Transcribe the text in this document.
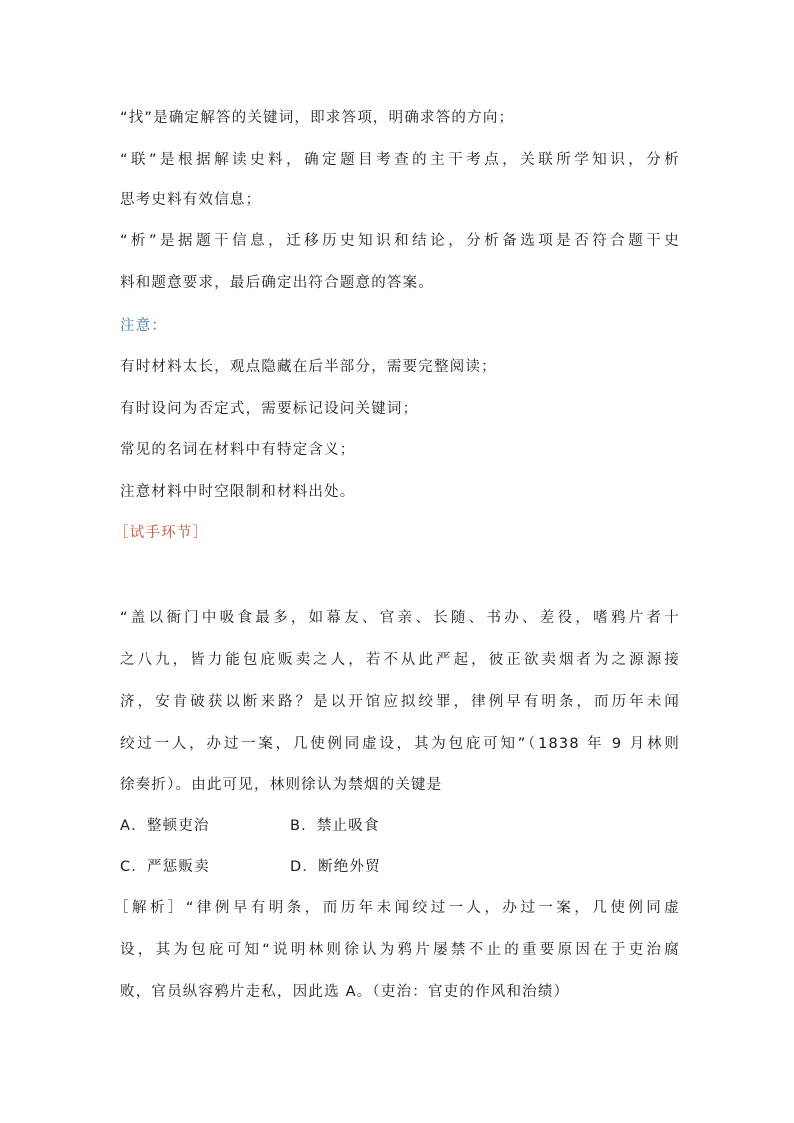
“找”是确定解答的关键词，即求答项，明确求答的方向；
“联”是根据解读史料，确定题目考查的主干考点，关联所学知识，分析
思考史料有效信息；
“析”是据题干信息，迁移历史知识和结论，分析备选项是否符合题干史
料和题意要求，最后确定出符合题意的答案。
注意：
有时材料太长，观点隐藏在后半部分，需要完整阅读；
有时设问为否定式，需要标记设问关键词；
常见的名词在材料中有特定含义；
注意材料中时空限制和材料出处。
［试手环节］
“盖以衙门中吸食最多，如幕友、官亲、长随、书办、差役，嗜鸦片者十
之八九，皆力能包庇贩卖之人，若不从此严起，彼正欲卖烟者为之源源接
济，安肯破获以断来路？是以开馆应拟绞罪，律例早有明条，而历年未闻
绞过一人，办过一案，几使例同虚设，其为包庇可知”（1838 年 9 月林则
徐奏折）。由此可见，林则徐认为禁烟的关键是
A．整顿吏治	B．禁止吸食
C．严惩贩卖	D．断绝外贸
［解析］“律例早有明条，而历年未闻绞过一人，办过一案，几使例同虚
设，其为包庇可知“说明林则徐认为鸦片屡禁不止的重要原因在于吏治腐
败，官员纵容鸦片走私，因此选 A。（吏治：官吏的作风和治绩）
